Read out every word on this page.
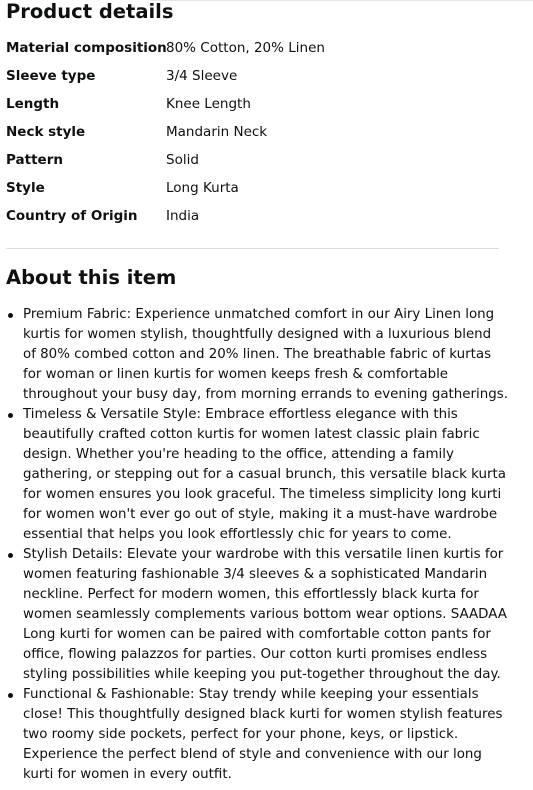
Product details
Material composition 80% Cotton, 20% Linen
Sleeve type	3/4 Sleeve
Length	Knee Length
Neck style	Mandarin Neck
Pattern	Solid
Style	Long Kurta
Country of Origin	India
About this item
Premium Fabric: Experience unmatched comfort in our Airy Linen long kurtis for women stylish, thoughtfully designed with a luxurious blend of 80% combed cotton and 20% linen. The breathable fabric of kurtas for woman or linen kurtis for women keeps fresh & comfortable throughout your busy day, from morning errands to evening gatherings.
Timeless & Versatile Style: Embrace effortless elegance with this beautifully crafted cotton kurtis for women latest classic plain fabric design. Whether you're heading to the office, attending a family gathering, or stepping out for a casual brunch, this versatile black kurta for women ensures you look graceful. The timeless simplicity long kurti for women won't ever go out of style, making it a must-have wardrobe essential that helps you look effortlessly chic for years to come.
Stylish Details: Elevate your wardrobe with this versatile linen kurtis for women featuring fashionable 3/4 sleeves & a sophisticated Mandarin neckline. Perfect for modern women, this effortlessly black kurta for women seamlessly complements various bottom wear options. SAADAA Long kurti for women can be paired with comfortable cotton pants for office, flowing palazzos for parties. Our cotton kurti promises endless styling possibilities while keeping you put-together throughout the day.
Functional & Fashionable: Stay trendy while keeping your essentials close! This thoughtfully designed black kurti for women stylish features two roomy side pockets, perfect for your phone, keys, or lipstick. Experience the perfect blend of style and convenience with our long kurti for women in every outfit.
